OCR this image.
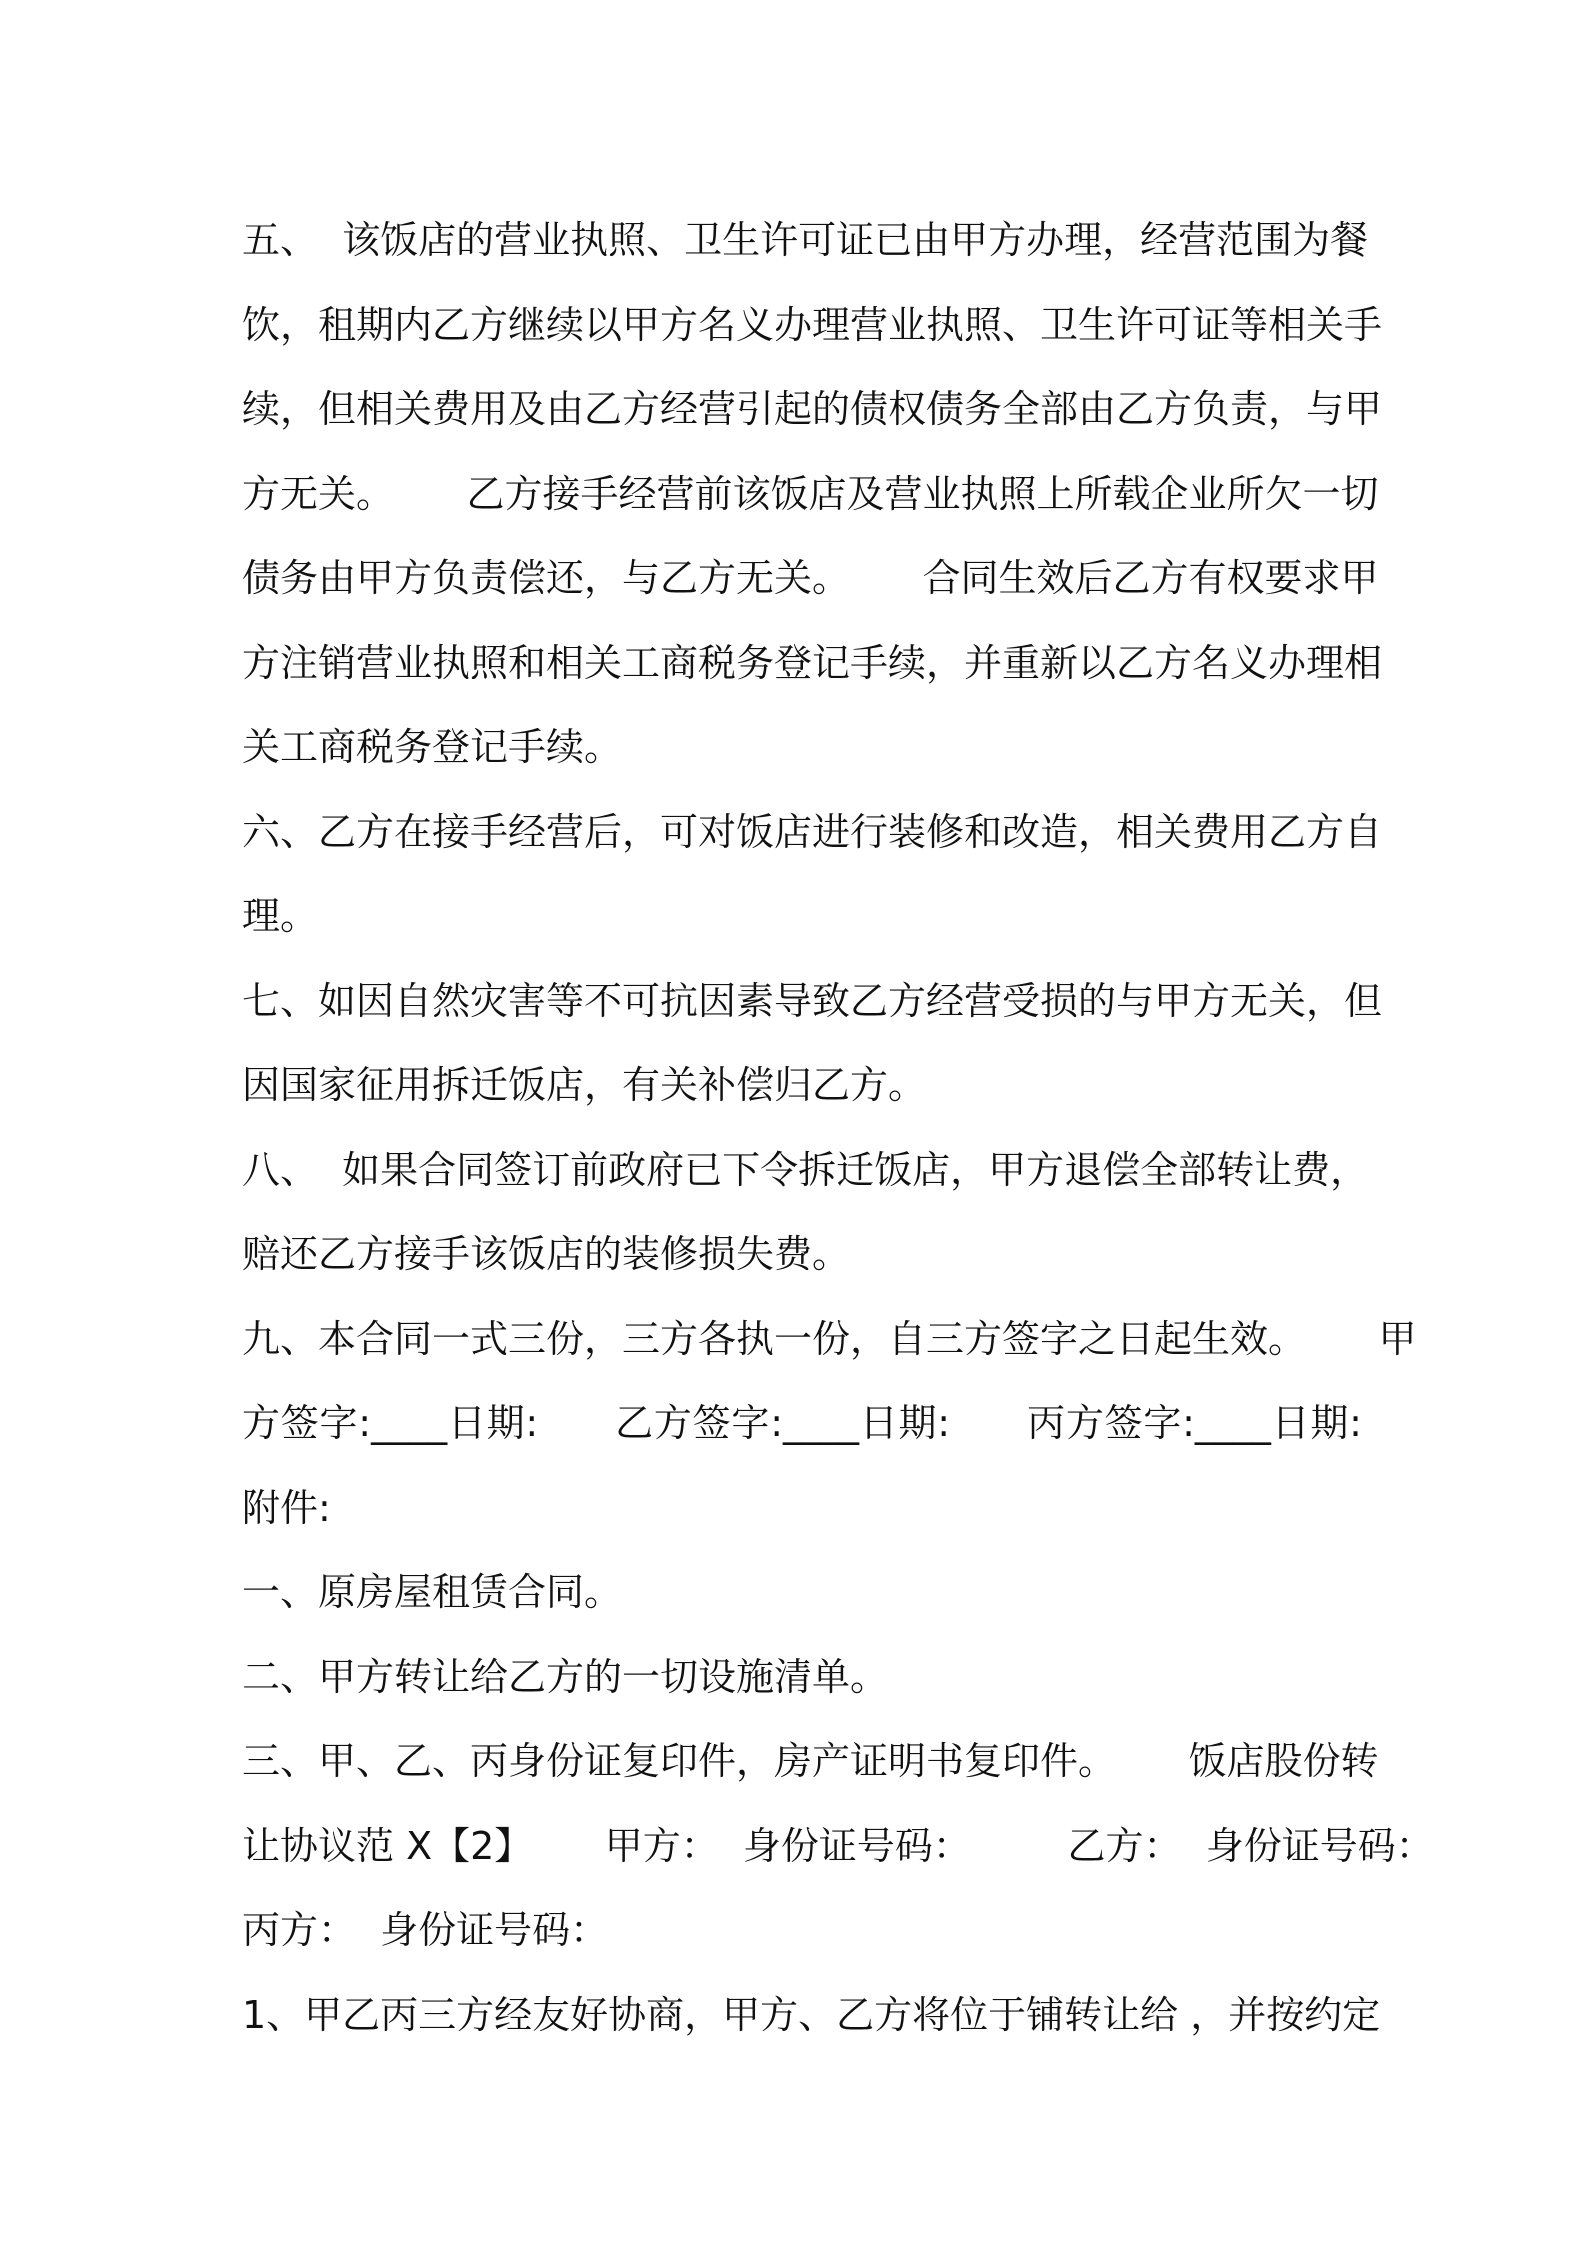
五、  该饭店的营业执照、卫生许可证已由甲方办理，经营范围为餐
饮，租期内乙方继续以甲方名义办理营业执照、卫生许可证等相关手
续，但相关费用及由乙方经营引起的债权债务全部由乙方负责，与甲
方无关。      乙方接手经营前该饭店及营业执照上所载企业所欠一切
债务由甲方负责偿还，与乙方无关。      合同生效后乙方有权要求甲
方注销营业执照和相关工商税务登记手续，并重新以乙方名义办理相
关工商税务登记手续。
六、乙方在接手经营后，可对饭店进行装修和改造，相关费用乙方自
理。
七、如因自然灾害等不可抗因素导致乙方经营受损的与甲方无关，但
因国家征用拆迁饭店，有关补偿归乙方。
八、  如果合同签订前政府已下令拆迁饭店，甲方退偿全部转让费，
赔还乙方接手该饭店的装修损失费。
九、本合同一式三份，三方各执一份，自三方签字之日起生效。      甲
方签字:____日期:      乙方签字:____日期:      丙方签字:____日期:
附件:
一、原房屋租赁合同。
二、甲方转让给乙方的一切设施清单。
三、甲、乙、丙身份证复印件，房产证明书复印件。      饭店股份转
让协议范 X【2】      甲方：  身份证号码：        乙方：  身份证号码：
丙方：  身份证号码：
1、甲乙丙三方经友好协商，甲方、乙方将位于铺转让给 ，并按约定
